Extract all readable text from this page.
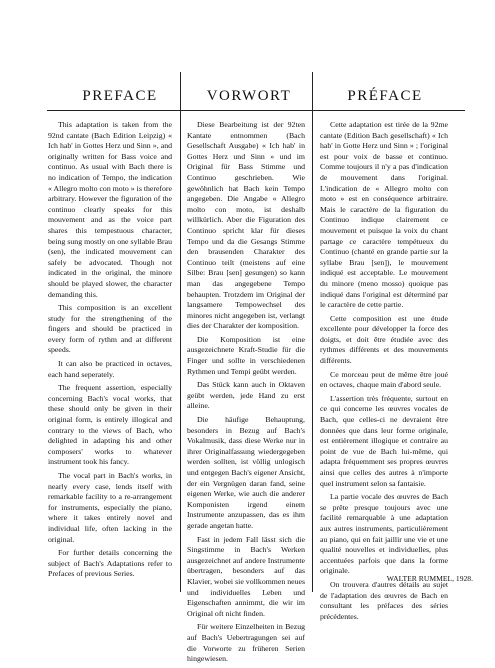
PREFACE	VORWORT	PRÉFACE

This adaptation is taken from the 92nd cantate (Bach Edition Leipzig) « Ich hab' in Gottes Herz und Sinn », and originally written for Bass voice and continuo. As usual with Bach there is no indication of Tempo, the indication « Allegro molto con moto » is therefore arbitrary. However the figuration of the continuo clearly speaks for this mouvement and as the voice part shares this tempestuous character, being sung mostly on one syllable Brau (sen), the indicated mouvement can safely be advocated. Though not indicated in the original, the minore should be played slower, the character demanding this.

This composition is an excellent study for the strengthening of the fingers and should be practiced in every form of rythm and at different speeds.

It can also be practiced in octaves, each hand seperately.

The frequent assertion, especially concerning Bach's vocal works, that these should only be given in their original form, is entirely illogical and contrary to the views of Bach, who delighted in adapting his and other composers' works to whatever instrument took his fancy.

The vocal part in Bach's works, in nearly every case, lends itself with remarkable facility to a re-arrangement for instruments, especially the piano, where it takes entirely novel and individual life, often lacking in the original.

For further details concerning the subject of Bach's Adaptations refer to Prefaces of previous Series.

Diese Bearbeitung ist der 92ten Kantate entnommen (Bach Gesellschaft Ausgabe) « Ich hab' in Gottes Herz und Sinn » und im Original für Bass Stimme und Continuo geschrieben. Wie gewöhnlich hat Bach kein Tempo angegeben. Die Angabe « Allegro molto con moto, ist deshalb willkürlich. Aber die Figuration des Continuo spricht klar für dieses Tempo und da die Gesangs Stimme den brausenden Charakter des Continuo teilt (meistens auf eine Silbe: Brau [sen] gesungen) so kann man das angegebene Tempo behaupten. Trotzdem im Original der langsamere Tempowechsel des minores nicht angegeben ist, verlangt dies der Charakter der komposition.

Die Komposition ist eine ausgezeichnete Kraft-Studie für die Finger und sollte in verschiedenen Rythmen und Tempi geübt werden.

Das Stück kann auch in Oktaven geübt werden, jede Hand zu erst alleine.

Die häufige Behauptung, besonders in Bezug auf Bach's Vokalmusik, dass diese Werke nur in ihrer Originalfassung wiedergegeben werden sollten, ist völlig unlogisch und entgegen Bach's eigener Ansicht, der ein Vergnügen daran fand, seine eigenen Werke, wie auch die anderer Komponisten irgend einem Instrumente anzupassen, das es ihm gerade angetan hatte.

Fast in jedem Fall lässt sich die Singstimme in Bach's Werken ausgezeichnet auf andere Instrumente übertragen, besonders auf das Klavier, wobei sie vollkommen neues und individuelles Leben und Eigenschaften annimmt, die wir im Original oft nicht finden.

Für weitere Einzelheiten in Bezug auf Bach's Uebertragungen sei auf die Vorworte zu früheren Serien hingewiesen.

Cette adaptation est tirée de la 92me cantate (Edition Bach gesellschaft) « Ich hab' in Gotte Herz und Sinn » ; l'original est pour voix de basse et continuo. Comme toujours il n'y a pas d'indication de mouvement dans l'original. L'indication de « Allegro molto con moto » est en conséquence arbitraire. Mais le caractère de la figuration du Continuo indique clairement ce mouvement et puisque la voix du chant partage ce caractère tempétueux du Continuo (chanté en grande partie sur la syllabe Brau [sen]), le mouvement indiqué est acceptable. Le mouvement du minore (meno mosso) quoique pas indiqué dans l'original est déterminé par le caractère de cette partie.

Cette composition est une étude excellente pour développer la force des doigts, et doit être étudiée avec des rythmes différents et des mouvements différents.

Ce morceau peut de même être joué en octaves, chaque main d'abord seule.

L'assertion très fréquente, surtout en ce qui concerne les œuvres vocales de Bach, que celles-ci ne devraient être données que dans leur forme originale, est entièrement illogique et contraire au point de vue de Bach lui-même, qui adapta fréquemment ses propres œuvres ainsi que celles des autres à n'importe quel instrument selon sa fantaisie.

La partie vocale des œuvres de Bach se prête presque toujours avec une facilité remarquable à une adaptation aux autres instruments, particulièrement au piano, qui en fait jaillir une vie et une qualité nouvelles et individuelles, plus accentuées parfois que dans la forme originale.

On trouvera d'autres détails au sujet de l'adaptation des œuvres de Bach en consultant les préfaces des séries précédentes.

WALTER RUMMEL, 1928.
